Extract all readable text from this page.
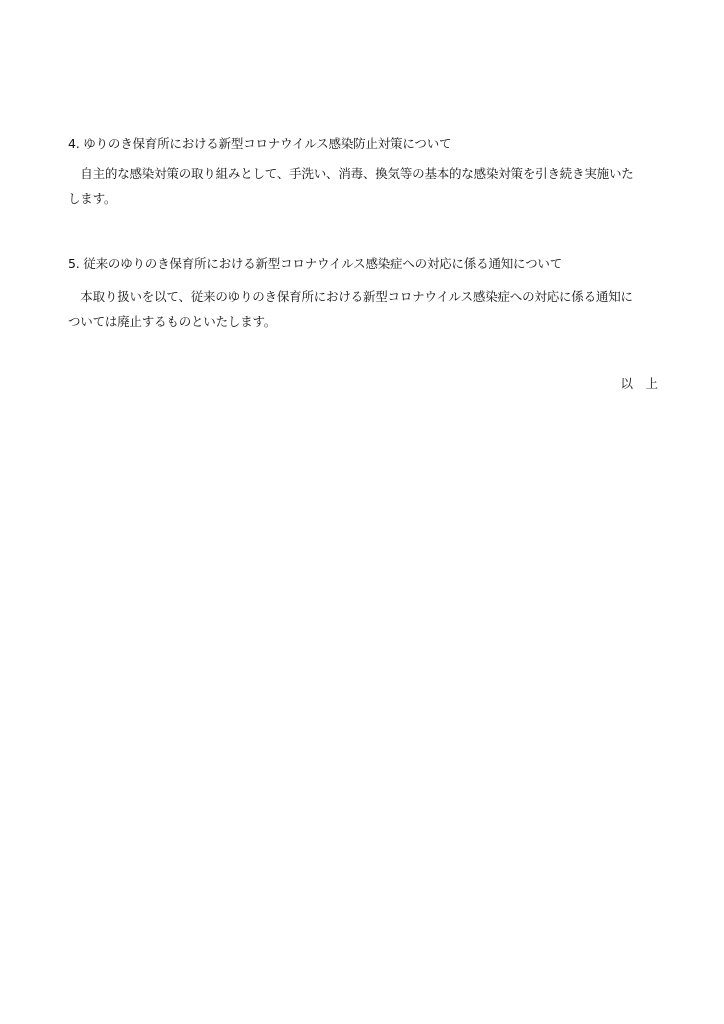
4. ゆりのき保育所における新型コロナウイルス感染防止対策について
　自主的な感染対策の取り組みとして、手洗い、消毒、換気等の基本的な感染対策を引き続き実施いた
します。
5. 従来のゆりのき保育所における新型コロナウイルス感染症への対応に係る通知について
　本取り扱いを以て、従来のゆりのき保育所における新型コロナウイルス感染症への対応に係る通知に
ついては廃止するものといたします。
以　上
